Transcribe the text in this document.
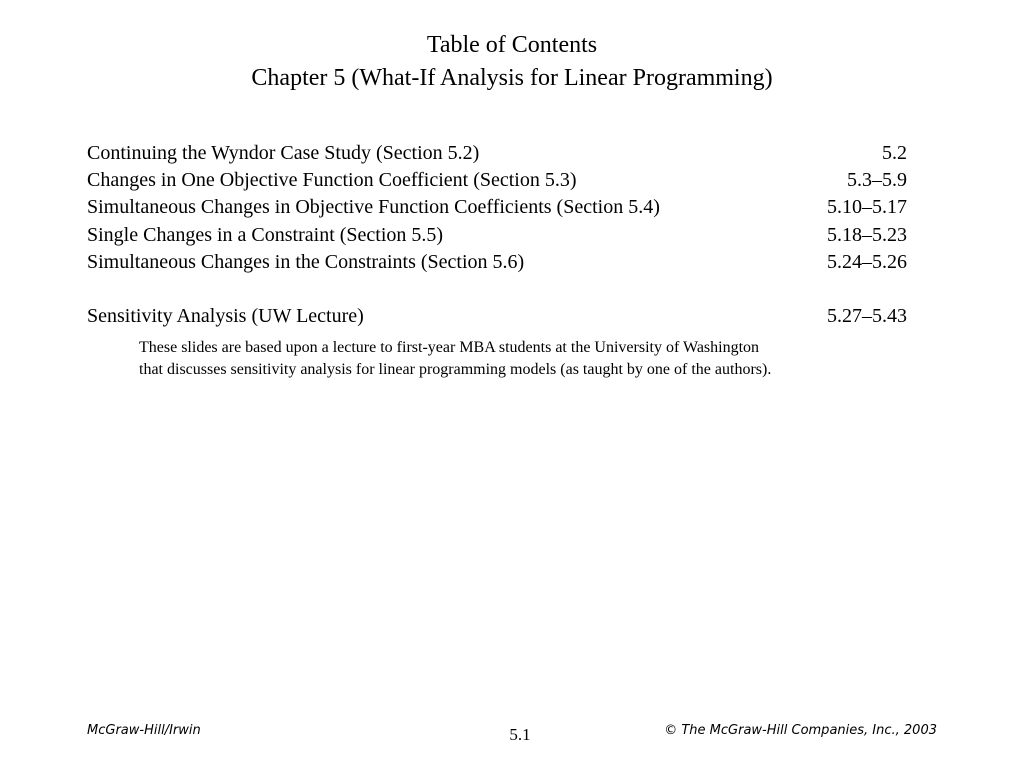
Table of Contents
Chapter 5 (What-If Analysis for Linear Programming)
Continuing the Wyndor Case Study (Section 5.2)	5.2
Changes in One Objective Function Coefficient (Section 5.3)	5.3–5.9
Simultaneous Changes in Objective Function Coefficients (Section 5.4)	5.10–5.17
Single Changes in a Constraint (Section 5.5)	5.18–5.23
Simultaneous Changes in the Constraints (Section 5.6)	5.24–5.26
Sensitivity Analysis (UW Lecture)	5.27–5.43
These slides are based upon a lecture to first-year MBA students at the University of Washington
that discusses sensitivity analysis for linear programming models (as taught by one of the authors).
McGraw-Hill/Irwin	5.1	© The McGraw-Hill Companies, Inc., 2003
